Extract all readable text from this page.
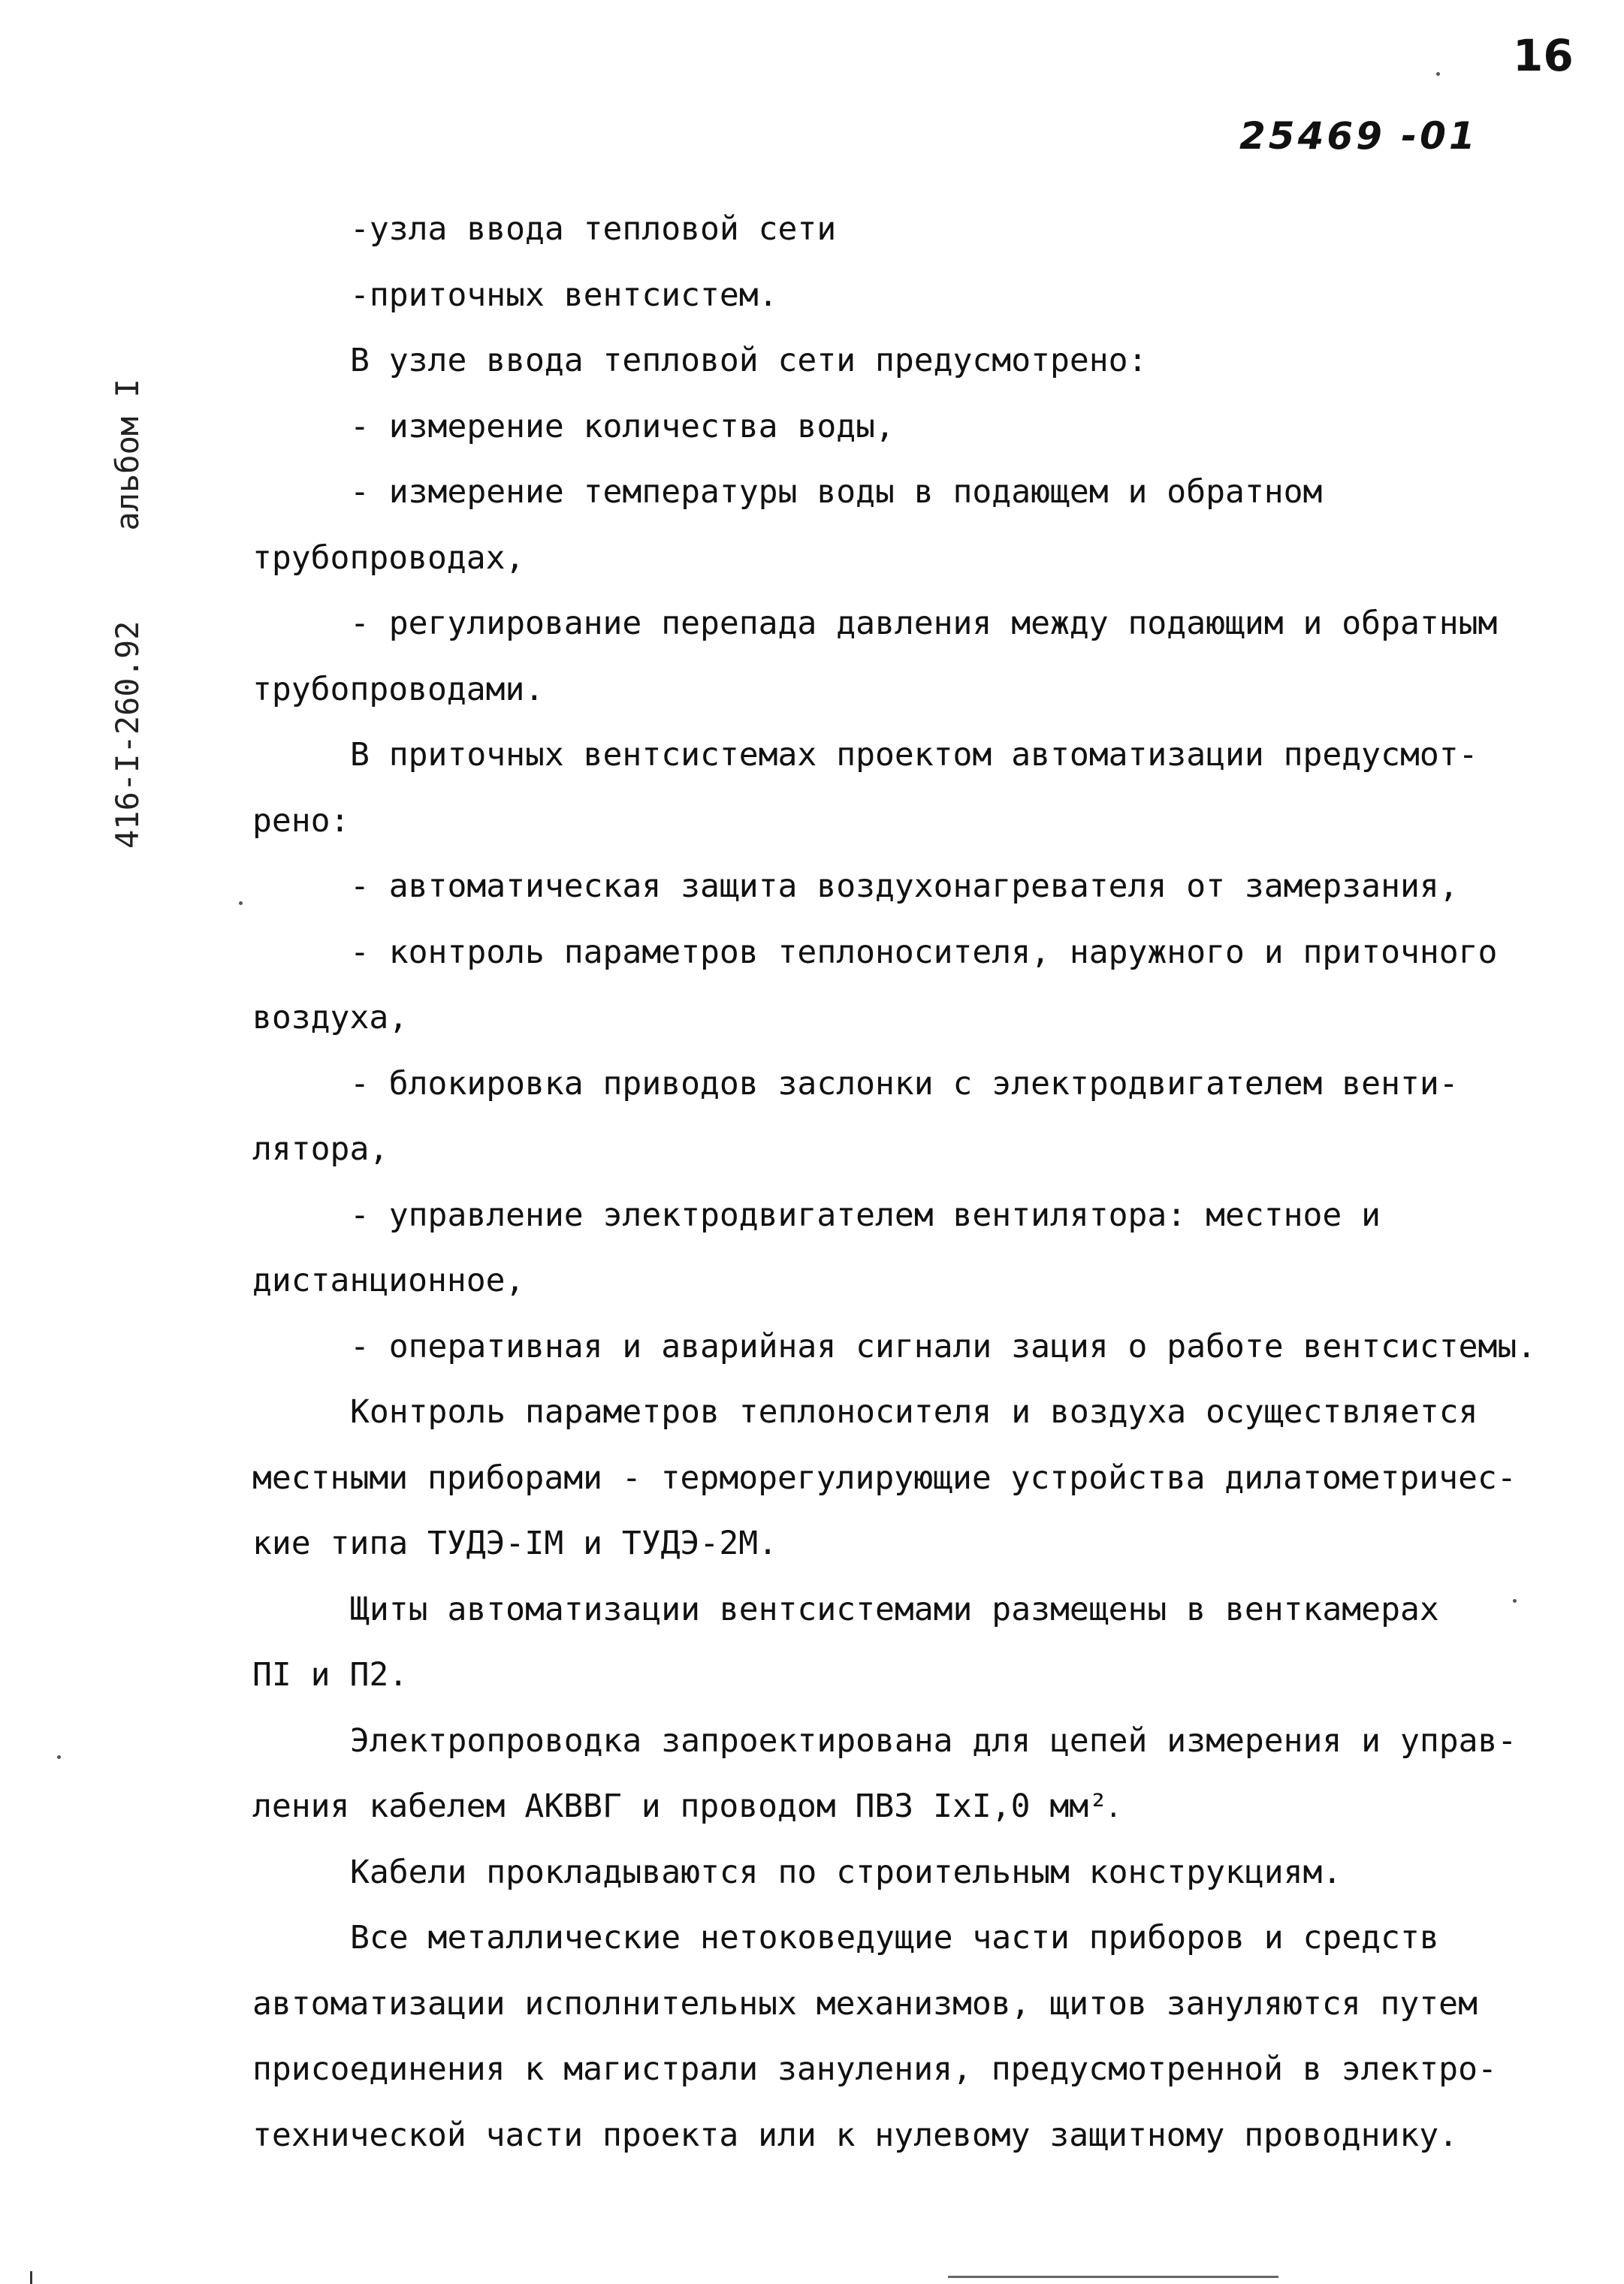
16
25469 -01
416-I-260.92альбом I

-узла ввода тепловой сети

-приточных вентсистем.

В узле ввода тепловой сети предусмотрено:

- измерение количества воды,

- измерение температуры воды в подающем и обратном

трубопроводах,

- регулирование перепада давления между подающим и обратным

трубопроводами.

В приточных вентсистемах проектом автоматизации предусмот-

рено:

- автоматическая защита воздухонагревателя от замерзания,

- контроль параметров теплоносителя, наружного и приточного

воздуха,

- блокировка приводов заслонки с электродвигателем венти-

лятора,

- управление электродвигателем вентилятора: местное и

дистанционное,

- оперативная и аварийная сигнали зация о работе вентсистемы.

Контроль параметров теплоносителя и воздуха осуществляется

местными приборами - терморегулирующие устройства дилатометричес-

кие типа ТУДЭ-IM и ТУДЭ-2М.

Щиты автоматизации вентсистемами размещены в венткамерах

ПI и П2.

Электропроводка запроектирована для цепей измерения и управ-

ления кабелем АКВВГ и проводом ПВЗ IxI,0 мм²․

Кабели прокладываются по строительным конструкциям.

Все металлические нетоковедущие части приборов и средств

автоматизации исполнительных механизмов, щитов зануляются путем

присоединения к магистрали зануления, предусмотренной в электро-

технической части проекта или к нулевому защитному проводнику.
